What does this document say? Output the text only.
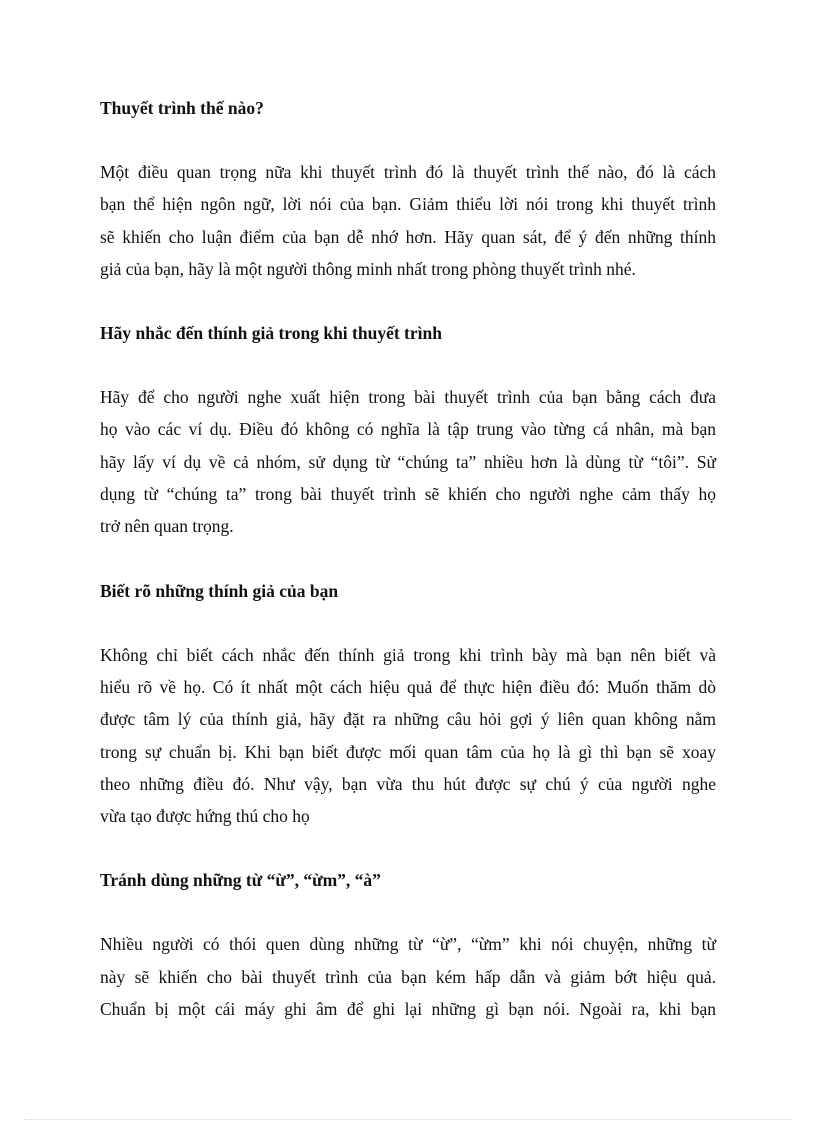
Thuyết trình thế nào?

Một điều quan trọng nữa khi thuyết trình đó là thuyết trình thế nào, đó là cách
bạn thể hiện ngôn ngữ, lời nói của bạn. Giảm thiểu lời nói trong khi thuyết trình
sẽ khiến cho luận điểm của bạn dễ nhớ hơn. Hãy quan sát, để ý đến những thính
giả của bạn, hãy là một người thông minh nhất trong phòng thuyết trình nhé.

Hãy nhắc đến thính giả trong khi thuyết trình

Hãy để cho người nghe xuất hiện trong bài thuyết trình của bạn bằng cách đưa
họ vào các ví dụ. Điều đó không có nghĩa là tập trung vào từng cá nhân, mà bạn
hãy lấy ví dụ về cả nhóm, sử dụng từ “chúng ta” nhiều hơn là dùng từ “tôi”. Sử
dụng từ “chúng ta” trong bài thuyết trình sẽ khiến cho người nghe cảm thấy họ
trở nên quan trọng.

Biết rõ những thính giả của bạn

Không chỉ biết cách nhắc đến thính giả trong khi trình bày mà bạn nên biết và
hiểu rõ về họ. Có ít nhất một cách hiệu quả để thực hiện điều đó: Muốn thăm dò
được tâm lý của thính giả, hãy đặt ra những câu hỏi gợi ý liên quan không nằm
trong sự chuẩn bị. Khi bạn biết được mối quan tâm của họ là gì thì bạn sẽ xoay
theo những điều đó. Như vậy, bạn vừa thu hút được sự chú ý của người nghe
vừa tạo được hứng thú cho họ

Tránh dùng những từ “ừ”, “ừm”, “à”

Nhiều người có thói quen dùng những từ “ừ”, “ừm” khi nói chuyện, những từ
này sẽ khiến cho bài thuyết trình của bạn kém hấp dẫn và giảm bớt hiệu quả.
Chuẩn bị một cái máy ghi âm để ghi lại những gì bạn nói. Ngoài ra, khi bạn
